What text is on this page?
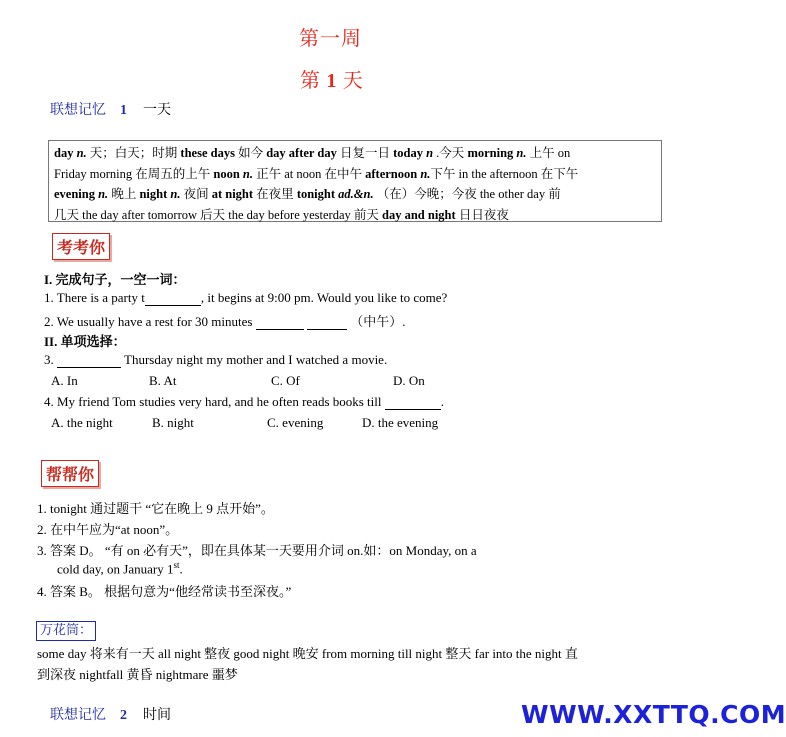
第一周
第 1 天
联想记忆 1 一天
day n. 天；白天；时期 these days 如今 day after day 日复一日 today n .今天 morning n. 上午 on
Friday morning 在周五的上午 noon n. 正午 at noon 在中午 afternoon n.下午 in the afternoon 在下午
evening n. 晚上 night n. 夜间 at night 在夜里 tonight ad.&n. （在）今晚；今夜 the other day 前
几天 the day after tomorrow 后天 the day before yesterday 前天 day and night 日日夜夜
考考你
I. 完成句子，一空一词：
1. There is a party t	, it begins at 9:00 pm. Would you like to come?
2. We usually have a rest for 30 minutes	（中午）.
II. 单项选择：
3.	Thursday night my mother and I watched a movie.
A. In	B. At	C. Of	D. On
4. My friend Tom studies very hard, and he often reads books till	.
A. the night	B. night	C. evening	D. the evening
帮帮你
1. tonight 通过题干 “它在晚上 9 点开始”。
2. 在中午应为“at noon”。
3. 答案 D。 “有 on 必有天”，即在具体某一天要用介词 on.如：on Monday, on a
cold day, on January 1st.
4. 答案 B。 根据句意为“他经常读书至深夜。”
万花筒：
some day 将来有一天 all night 整夜 good night 晚安 from morning till night 整天 far into the night 直
到深夜 nightfall 黄昏 nightmare 噩梦
联想记忆 2 时间	WWW.XXTTQ.COM
